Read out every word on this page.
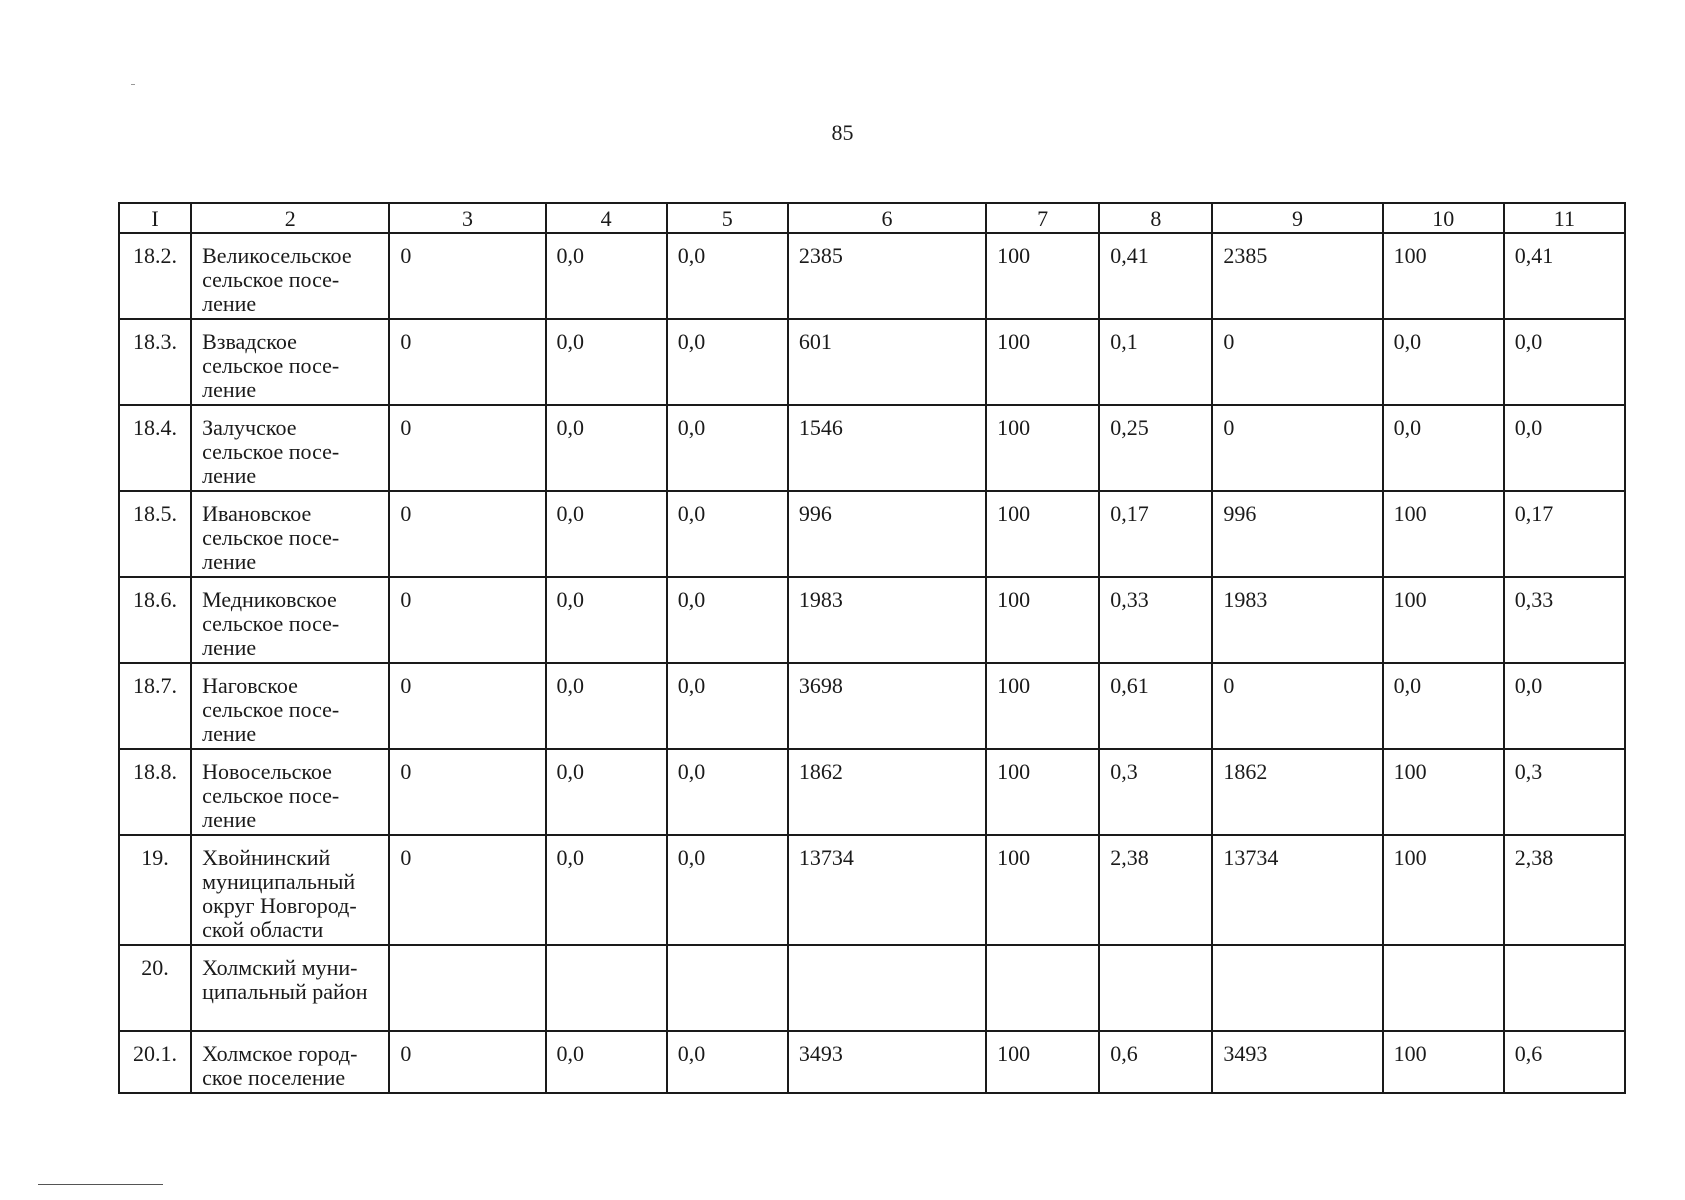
85
I	2	3	4	5	6	7	8	9	10	11
18.2.	Великосельское сельское посе-ление	0	0,0	0,0	2385	100	0,41	2385	100	0,41
18.3.	Взвадское сельское посе-ление	0	0,0	0,0	601	100	0,1	0	0,0	0,0
18.4.	Залучское сельское посе-ление	0	0,0	0,0	1546	100	0,25	0	0,0	0,0
18.5.	Ивановское сельское посе-ление	0	0,0	0,0	996	100	0,17	996	100	0,17
18.6.	Медниковское сельское посе-ление	0	0,0	0,0	1983	100	0,33	1983	100	0,33
18.7.	Наговское сельское посе-ление	0	0,0	0,0	3698	100	0,61	0	0,0	0,0
18.8.	Новосельское сельское посе-ление	0	0,0	0,0	1862	100	0,3	1862	100	0,3
19.	Хвойнинский муниципальный округ Новгород-ской области	0	0,0	0,0	13734	100	2,38	13734	100	2,38
20.	Холмский муни-ципальный район									
20.1.	Холмское город-ское поселение	0	0,0	0,0	3493	100	0,6	3493	100	0,6
